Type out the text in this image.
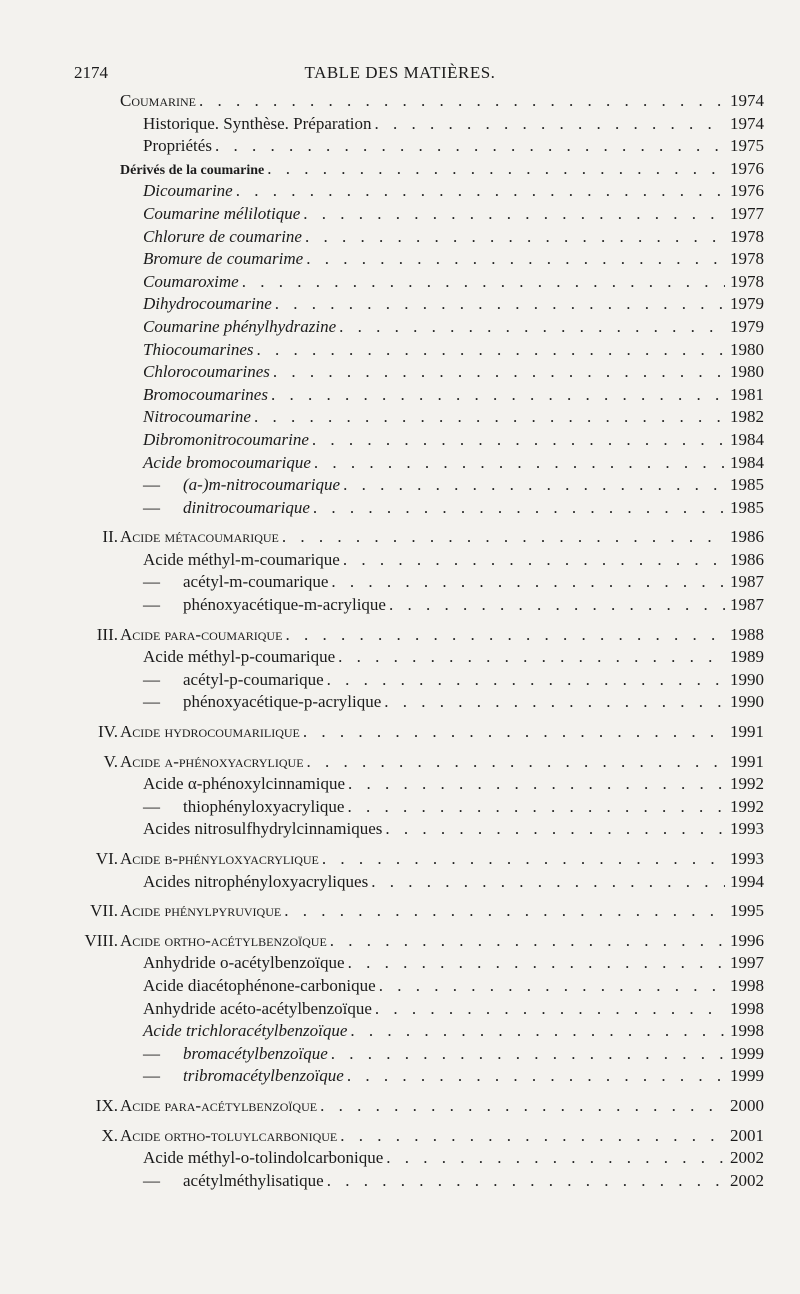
2174	TABLE DES MATIÈRES.
Coumarine . . .	1974
Historique. Synthèse. Préparation . . .	1974
Propriétés . . .	1975
Dérivés de la coumarine . . .	1976
Dicoumarine . . .	1976
Coumarine mélilotique . . .	1977
Chlorure de coumarine . . .	1978
Bromure de coumarime . . .	1978
Coumaroxime . . .	1978
Dihydrocoumarine . . .	1979
Coumarine phénylhydrazine . . .	1979
Thiocoumarines . . .	1980
Chlorocoumarines . . .	1980
Bromocoumarines . . .	1981
Nitrocoumarine . . .	1982
Dibromonitrocoumarine . . .	1984
Acide bromocoumarique . . .	1984
—	(a-)m-nitrocoumarique . . .	1985
—	dinitrocoumarique . . .	1985
II. Acide métacoumarique . . .	1986
Acide méthyl-m-coumarique . . .	1986
—	acétyl-m-coumarique . . .	1987
—	phénoxyacétique-m-acrylique . . .	1987
III. Acide para-coumarique . . .	1988
Acide méthyl-p-coumarique . . .	1989
—	acétyl-p-coumarique . . .	1990
—	phénoxyacétique-p-acrylique . . .	1990
IV. Acide hydrocoumarilique . . .	1991
V. Acide α-phénoxyacrylique . . .	1991
Acide α-phénoxylcinnamique . . .	1992
—	thiophényloxyacrylique . . .	1992
Acides nitrosulfhydrylcinnamiques . . .	1993
VI. Acide β-phényloxyacrylique . . .	1993
Acides nitrophényloxyacryliques . . .	1994
VII. Acide phénylpyruvique . . .	1995
VIII. Acide ortho-acétylbenzoïque . . .	1996
Anhydride o-acétylbenzoïque . . .	1997
Acide diacétophénone-carbonique . . .	1998
Anhydride acéto-acétylbenzoïque . . .	1998
Acide trichloracétylbenzoïque . . .	1998
—	bromacétylbenzoïque . . .	1999
—	tribromacétylbenzoïque . . .	1999
IX. Acide para-acétylbenzoïque . . .	2000
X. Acide ortho-toluylcarbonique . . .	2001
Acide méthyl-o-tolindolcarbonique . . .	2002
—	acétylméthylisatique . . .	2002
